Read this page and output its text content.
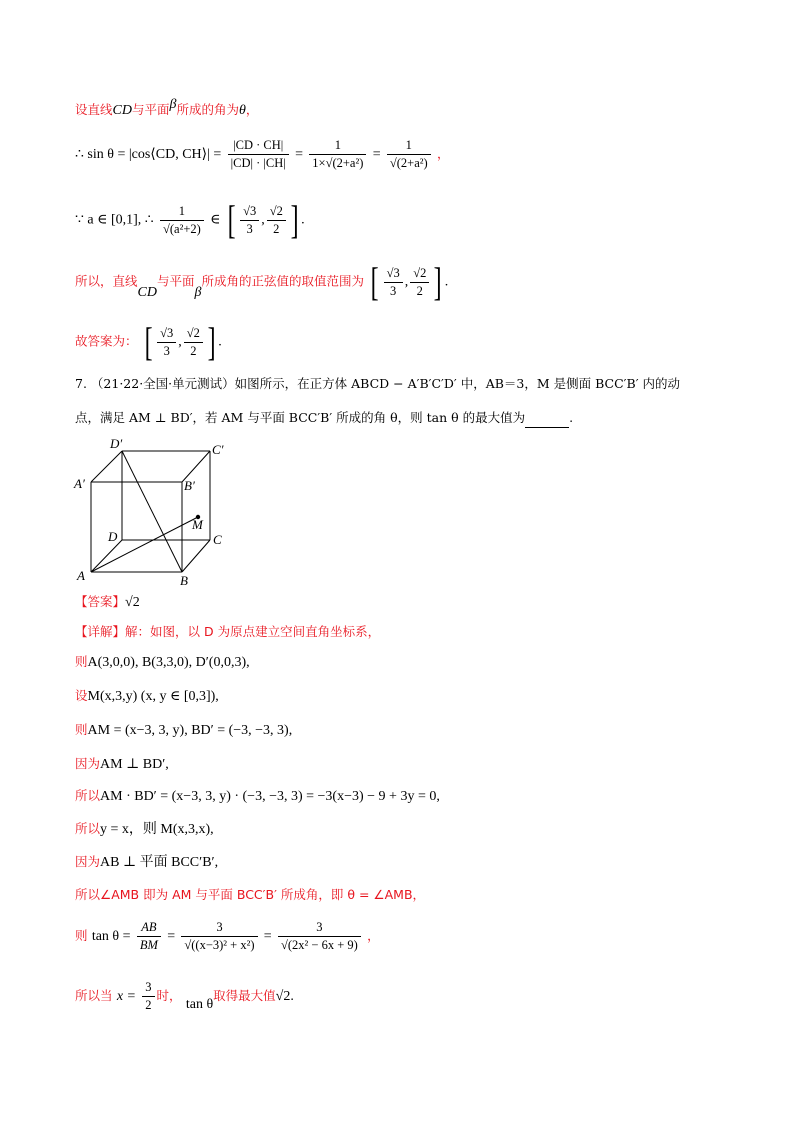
设直线CD与平面β所成的角为θ，
∴ sin θ = |cos⟨CD, CH⟩| = $\frac{|CD \cdot CH|}{|CD| \cdot |CH|} = \frac{1}{\text{1×√(2+a²)}} = \frac{1}{\text{√(2+a²)}}$ ，
∵ a ∈ [0,1], ∴ $\frac{1}{\text{√(a²+2)}}$ ∈ [ $\frac{√3}{3}$ , $\frac{√2}{2}$ ] .
所以，直线CD与平面β所成角的正弦值的取值范围为 [ $\frac{√3}{3}$ , $\frac{√2}{2}$ ] .
故答案为： [ $\frac{√3}{3}$ , $\frac{√2}{2}$ ] .
7. （21·22·全国·单元测试）如图所示，在正方体 ABCD − A′B′C′D′ 中，AB＝3，M 是侧面 BCC′B′ 内的动
点，满足 AM ⊥ BD′，若 AM 与平面 BCC′B′ 所成的角 θ，则 tan θ 的最大值为	.
D′	C′
A′	B′
M
D	C
A	B
【答案】√2
【详解】解：如图，以 D 为原点建立空间直角坐标系，
则A(3,0,0), B(3,3,0), D′(0,0,3),
设M(x,3,y) (x, y ∈ [0,3]),
则AM = (x−3, 3, y), BD′ = (−3, −3, 3),
因为AM ⊥ BD′,
所以AM · BD′ = (x−3, 3, y) · (−3, −3, 3) = −3(x−3) − 9 + 3y = 0,
所以y = x，则 M(x,3,x),
因为AB ⊥ 平面 BCC′B′,
所以∠AMB 即为 AM 与平面 BCC′B′ 所成角，即 θ = ∠AMB，
则 $\tan \theta = \frac{AB}{BM} = \frac{3}{\text{√((x−3)² + x²)}} = \frac{3}{\text{√(2x² − 6x + 9)}}$ ，
所以当 $x = \frac{3}{2}$ 时， tan θ取得最大值√2.
